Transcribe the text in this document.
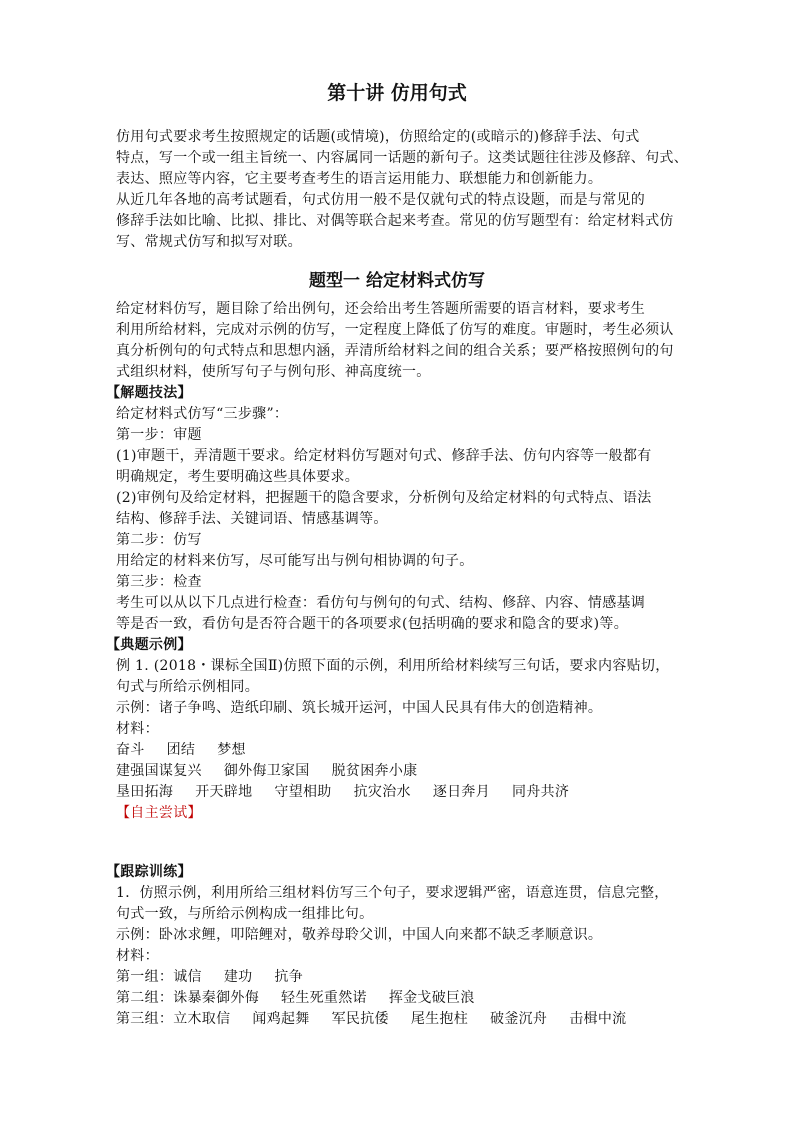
第十讲 仿用句式
仿用句式要求考生按照规定的话题(或情境)，仿照给定的(或暗示的)修辞手法、句式
特点，写一个或一组主旨统一、内容属同一话题的新句子。这类试题往往涉及修辞、句式、
表达、照应等内容，它主要考查考生的语言运用能力、联想能力和创新能力。
从近几年各地的高考试题看，句式仿用一般不是仅就句式的特点设题，而是与常见的
修辞手法如比喻、比拟、排比、对偶等联合起来考查。常见的仿写题型有：给定材料式仿
写、常规式仿写和拟写对联。
题型一 给定材料式仿写
给定材料仿写，题目除了给出例句，还会给出考生答题所需要的语言材料，要求考生
利用所给材料，完成对示例的仿写，一定程度上降低了仿写的难度。审题时，考生必须认
真分析例句的句式特点和思想内涵，弄清所给材料之间的组合关系；要严格按照例句的句
式组织材料，使所写句子与例句形、神高度统一。
【解题技法】
给定材料式仿写“三步骤”：
第一步：审题
(1)审题干，弄清题干要求。给定材料仿写题对句式、修辞手法、仿句内容等一般都有
明确规定，考生要明确这些具体要求。
(2)审例句及给定材料，把握题干的隐含要求，分析例句及给定材料的句式特点、语法
结构、修辞手法、关键词语、情感基调等。
第二步：仿写
用给定的材料来仿写，尽可能写出与例句相协调的句子。
第三步：检查
考生可以从以下几点进行检查：看仿句与例句的句式、结构、修辞、内容、情感基调
等是否一致，看仿句是否符合题干的各项要求(包括明确的要求和隐含的要求)等。
【典题示例】
例 1. (2018・课标全国Ⅱ)仿照下面的示例，利用所给材料续写三句话，要求内容贴切，
句式与所给示例相同。
示例：诸子争鸣、造纸印刷、筑长城开运河，中国人民具有伟大的创造精神。
材料：
奋斗 团结 梦想
建强国谋复兴 御外侮卫家国 脱贫困奔小康
垦田拓海 开天辟地 守望相助 抗灾治水 逐日奔月 同舟共济
【自主尝试】
【跟踪训练】
1．仿照示例，利用所给三组材料仿写三个句子，要求逻辑严密，语意连贯，信息完整，
句式一致，与所给示例构成一组排比句。
示例：卧冰求鲤，叩陪鲤对，敬养母聆父训，中国人向来都不缺乏孝顺意识。
材料：
第一组：诚信 建功 抗争
第二组：诛暴秦御外侮 轻生死重然诺 挥金戈破巨浪
第三组：立木取信 闻鸡起舞 军民抗倭 尾生抱柱 破釜沉舟 击楫中流
